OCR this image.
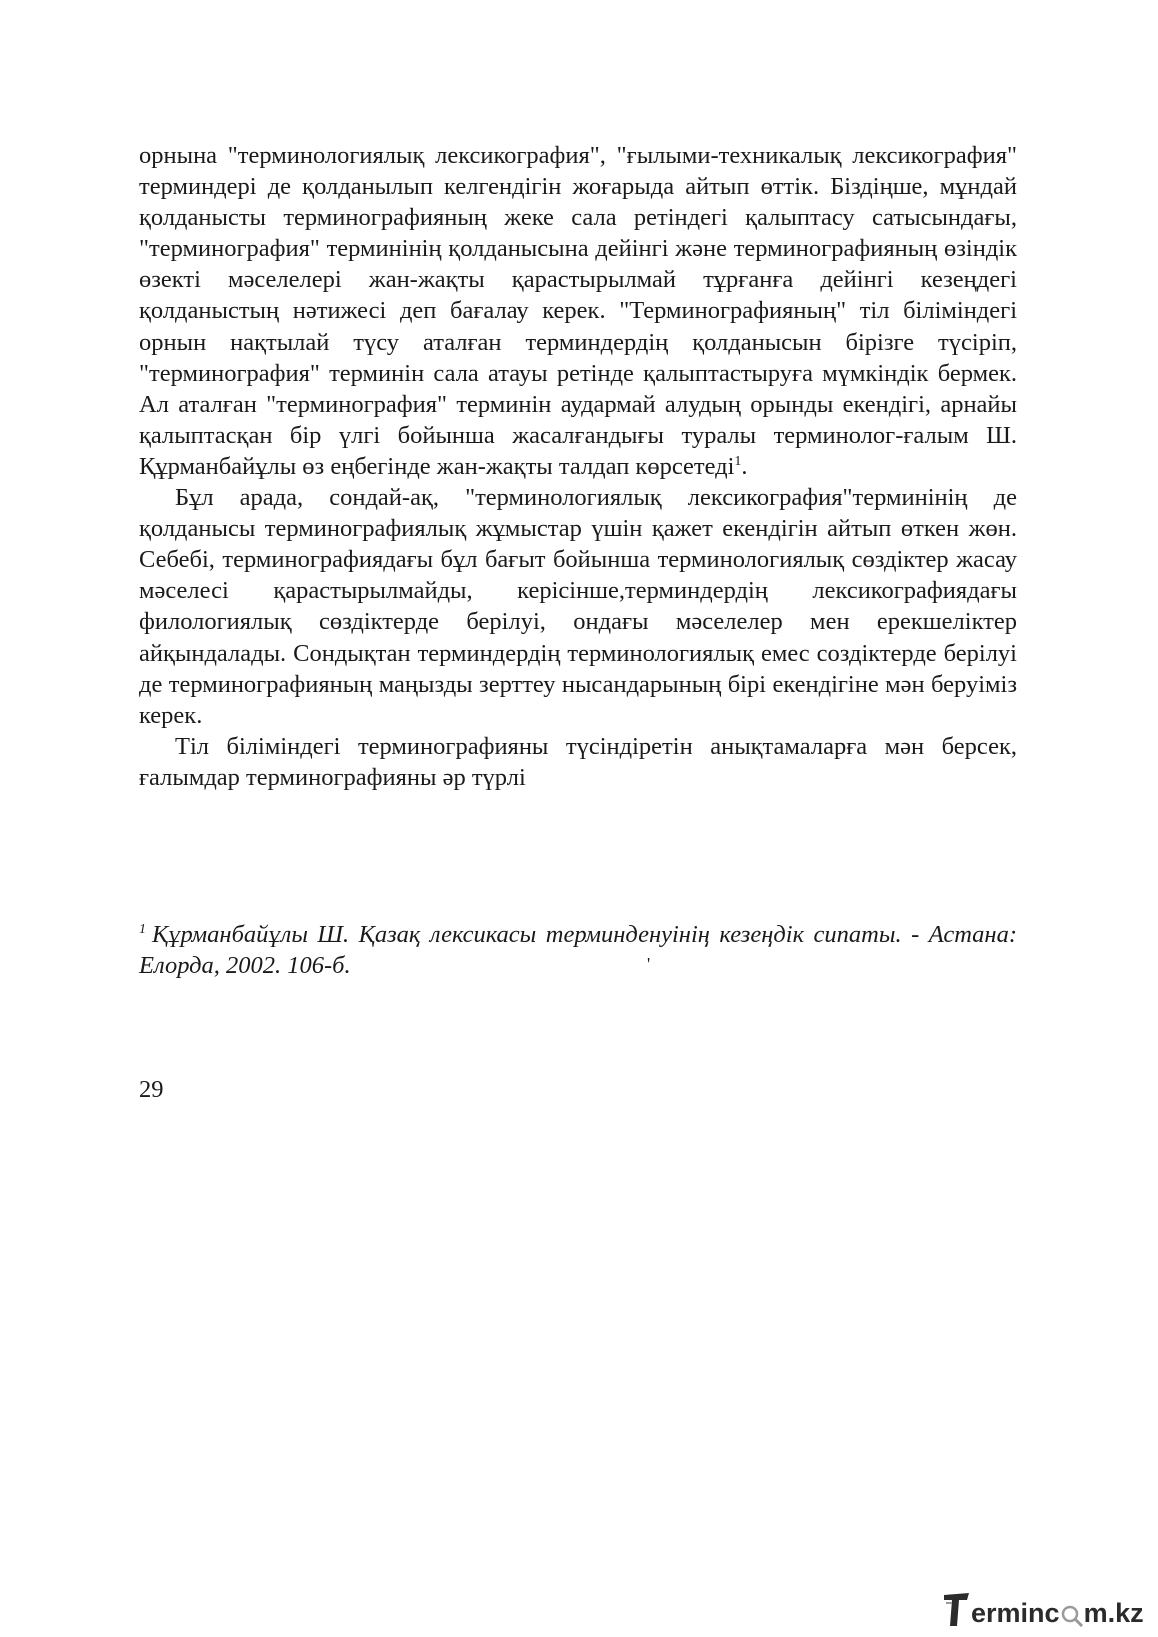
орнына "терминологиялық лексикография", "ғылыми-техникалық лексикография" терминдері де қолданылып келгендігін жоғарыда айтып өттік. Біздіңше, мұндай қолданысты терминографияның жеке сала ретіндегі қалыптасу сатысындағы, "терминография" терминінің қолданысына дейінгі және терминографияның өзіндік өзекті мәселелері жан-жақты қарастырылмай тұрғанға дейінгі кезеңдегі қолданыстың нәтижесі деп бағалау керек. "Терминографияның" тіл біліміндегі орнын нақтылай түсу аталған терминдердің қолданысын бірізге түсіріп, "терминография" терминін сала атауы ретінде қалыптастыруға мүмкіндік бермек. Ал аталған "терминография" терминін аудармай алудың орынды екендігі, арнайы қалыптасқан бір үлгі бойынша жасалғандығы туралы терминолог-ғалым Ш. Құрманбайұлы өз еңбегінде жан-жақты талдап көрсетеді$^1$.

Бұл арада, сондай-ақ, "терминологиялық лексикография"терминінің де қолданысы терминографиялық жұмыстар үшін қажет екендігін айтып өткен жөн. Себебі, терминографиядағы бұл бағыт бойынша терминологиялық сөздіктер жасау мәселесі қарастырылмайды, керісінше,терминдердің лексикографиядағы филологиялық сөздіктерде берілуі, ондағы мәселелер мен ерекшеліктер айқындалады. Сондықтан терминдердің терминологиялық емес создіктерде берілуі де терминографияның маңызды зерттеу нысандарының бірі екендігіне мән беруіміз керек.

Тіл біліміндегі терминографияны түсіндіретін анықтамаларға мән берсек, ғалымдар терминографияны әр түрлі

$^1$ Құрманбайұлы Ш. Қазақ лексикасы терминденуінің кезеңдік сипаты. - Астана: Елорда, 2002. 106-б.	'
29
ermin c m.kz
